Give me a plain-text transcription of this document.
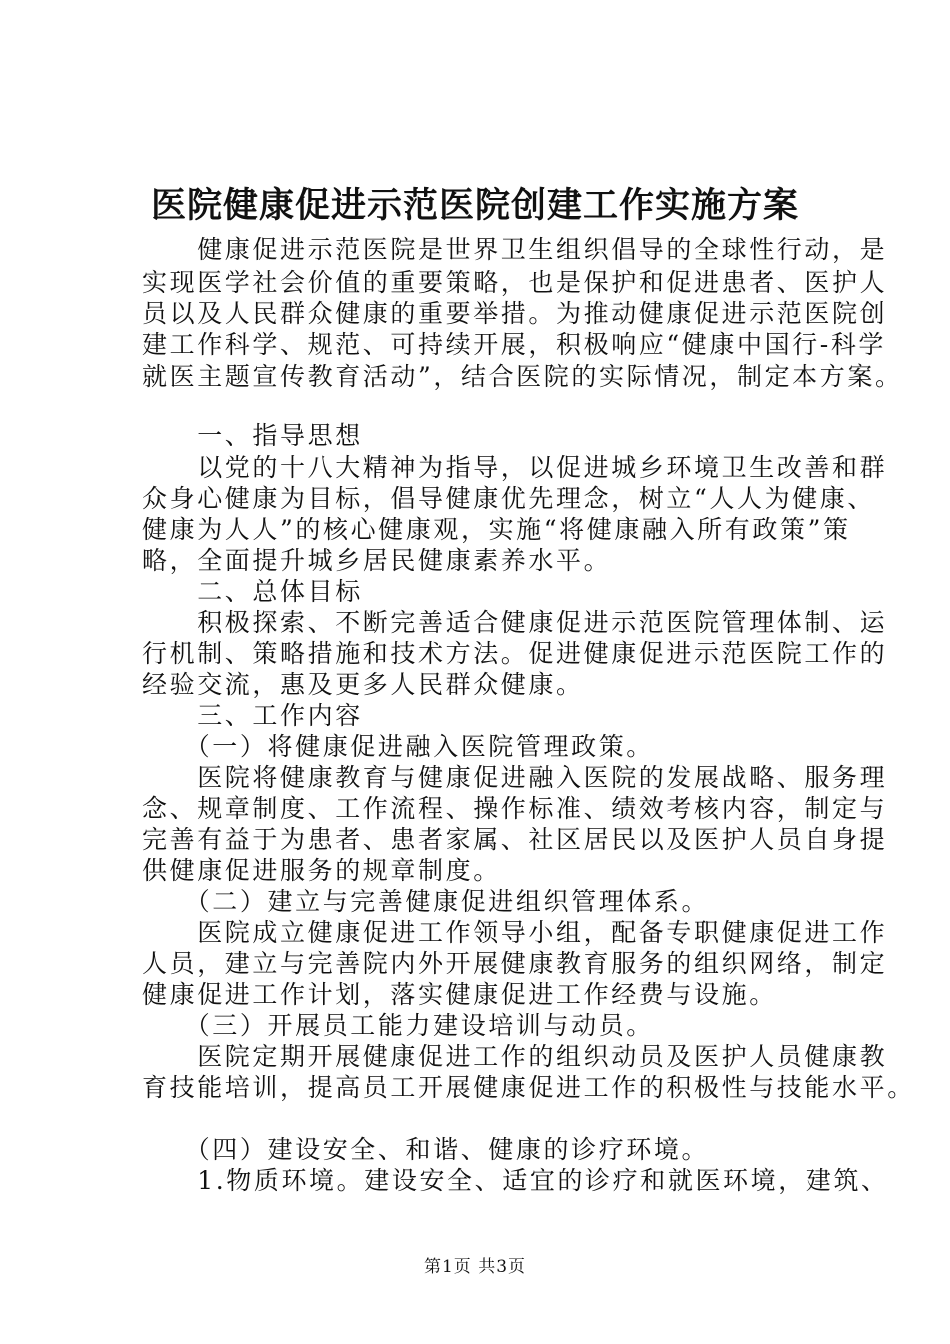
医院健康促进示范医院创建工作实施方案

　　健康促进示范医院是世界卫生组织倡导的全球性行动，是

实现医学社会价值的重要策略，也是保护和促进患者、医护人

员以及人民群众健康的重要举措。为推动健康促进示范医院创

建工作科学、规范、可持续开展，积极响应“健康中国行-科学

就医主题宣传教育活动”，结合医院的实际情况，制定本方案。

　　一、指导思想

　　以党的十八大精神为指导，以促进城乡环境卫生改善和群

众身心健康为目标，倡导健康优先理念，树立“人人为健康、

健康为人人”的核心健康观，实施“将健康融入所有政策”策

略，全面提升城乡居民健康素养水平。

　　二、总体目标

　　积极探索、不断完善适合健康促进示范医院管理体制、运

行机制、策略措施和技术方法。促进健康促进示范医院工作的

经验交流，惠及更多人民群众健康。

　　三、工作内容

　　（一）将健康促进融入医院管理政策。

　　医院将健康教育与健康促进融入医院的发展战略、服务理

念、规章制度、工作流程、操作标准、绩效考核内容，制定与

完善有益于为患者、患者家属、社区居民以及医护人员自身提

供健康促进服务的规章制度。

　　（二）建立与完善健康促进组织管理体系。

　　医院成立健康促进工作领导小组，配备专职健康促进工作

人员，建立与完善院内外开展健康教育服务的组织网络，制定

健康促进工作计划，落实健康促进工作经费与设施。

　　（三）开展员工能力建设培训与动员。

　　医院定期开展健康促进工作的组织动员及医护人员健康教

育技能培训，提高员工开展健康促进工作的积极性与技能水平。

　　（四）建设安全、和谐、健康的诊疗环境。

　　1.物质环境。建设安全、适宜的诊疗和就医环境，建筑、

第1页 共3页
